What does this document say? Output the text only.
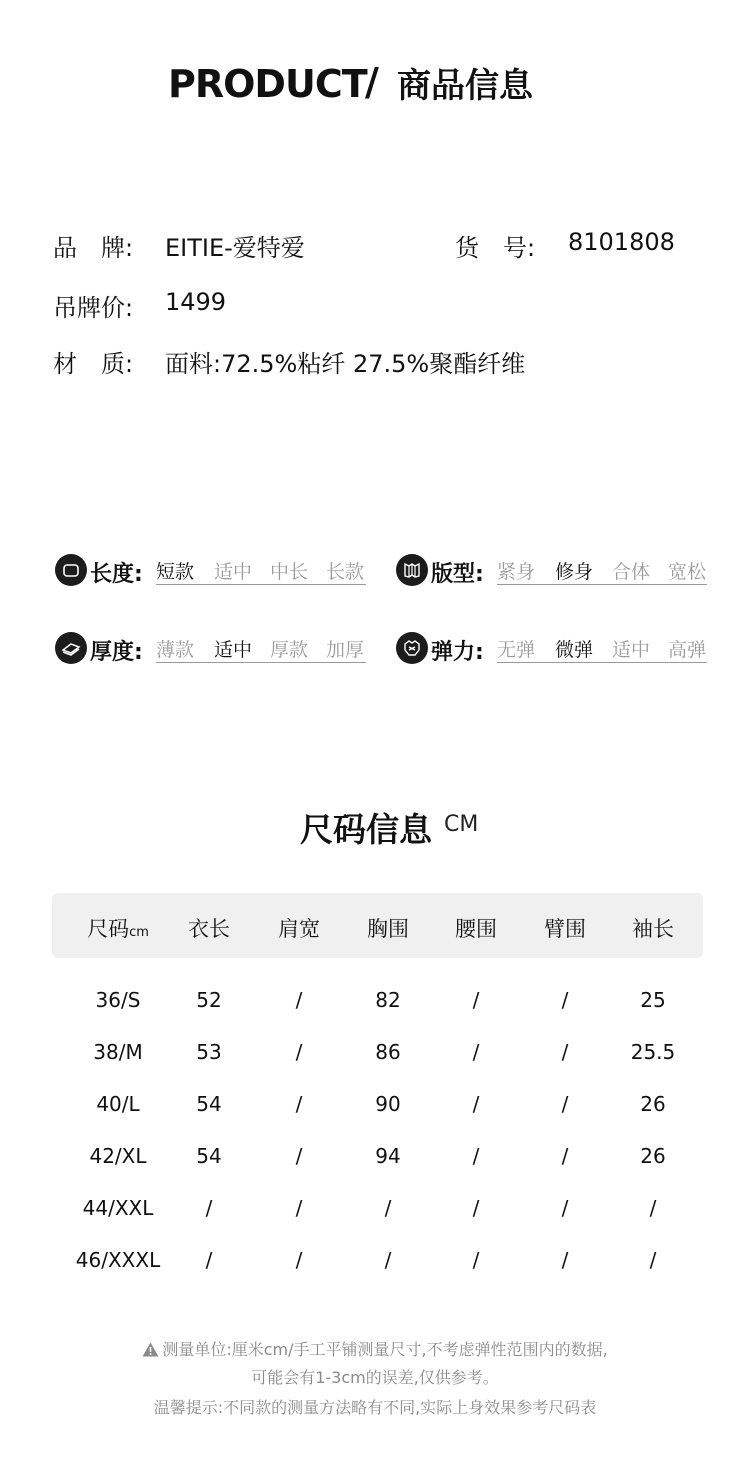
PRODUCT
/ 商品信息
品　牌: EITIE-爱特爱	货　号: 8101808
吊牌价: 1499
材　质: 面料:72.5%粘纤 27.5%聚酯纤维
长度: 短款 适中 中长 长款	版型: 紧身 修身 合体 宽松
厚度: 薄款 适中 厚款 加厚	弹力: 无弹 微弹 适中 高弹
尺码信息 CM
尺码cm 衣长 肩宽 胸围 腰围 臂围 袖长
36/S	52	/	82	/	/	25
38/M	53	/	86	/	/	25.5
40/L	54	/	90	/	/	26
42/XL 54	/	94	/	/	26
44/XXL	/	/	/	/	/	/
46/XXXL /	/	/	/	/	/
测量单位:厘米cm/手工平铺测量尺寸,不考虑弹性范围内的数据,
可能会有1-3cm的误差,仅供参考。
温馨提示:不同款的测量方法略有不同,实际上身效果参考尺码表
